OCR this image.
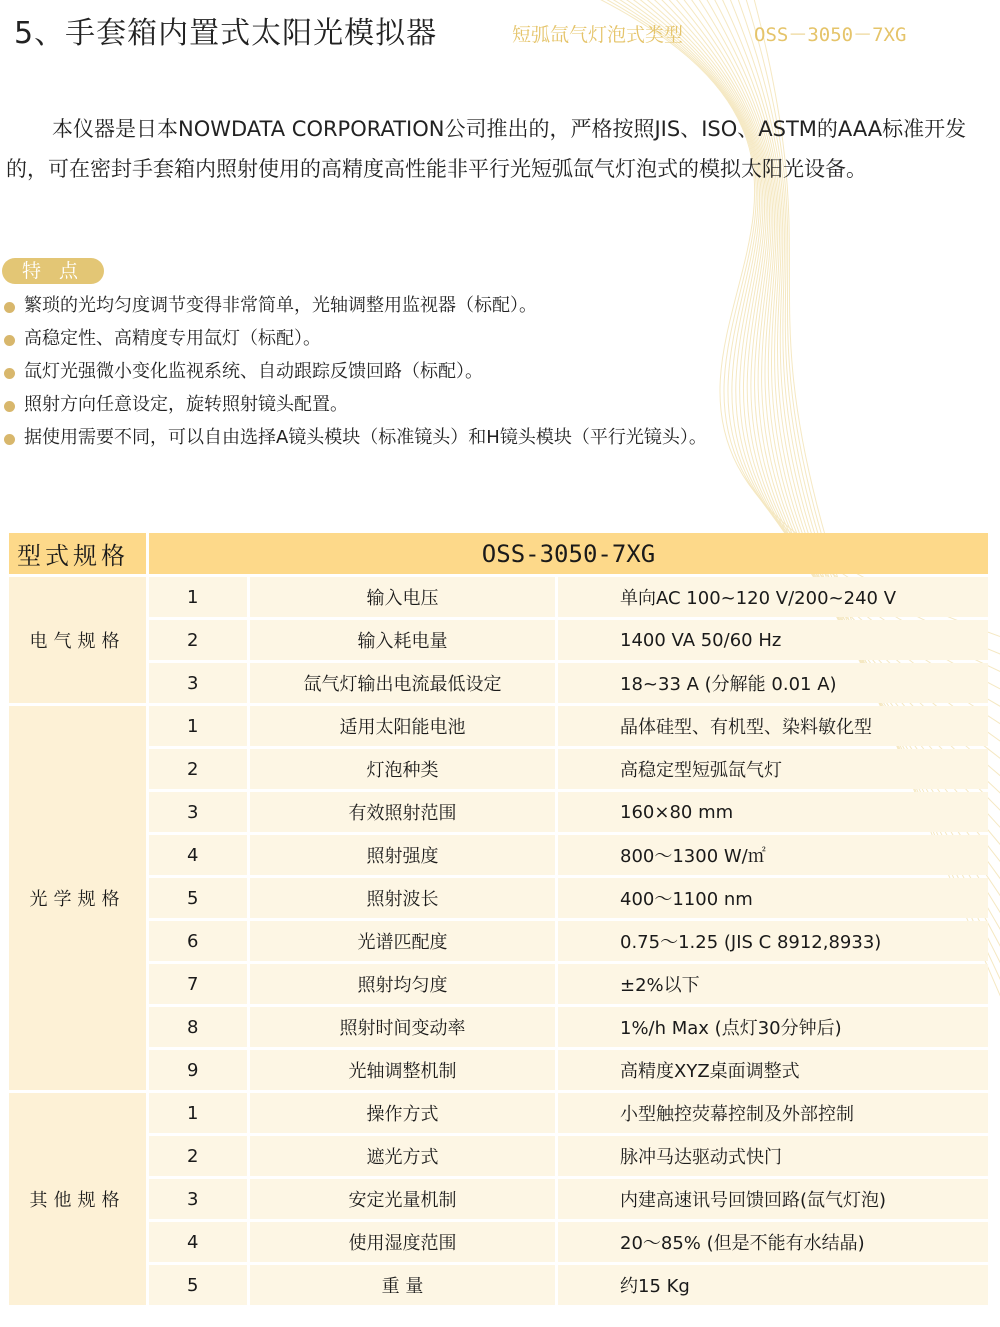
5、手套箱内置式太阳光模拟器	短弧氙气灯泡式类型	OSS－3050－7XG

本仪器是日本NOWDATA CORPORATION公司推出的，严格按照JIS、ISO、ASTM的AAA标准开发的，可在密封手套箱内照射使用的高精度高性能非平行光短弧氙气灯泡式的模拟太阳光设备。

特 点
繁琐的光均匀度调节变得非常简单，光轴调整用监视器（标配）。
高稳定性、高精度专用氙灯（标配）。
氙灯光强微小变化监视系统、自动跟踪反馈回路（标配）。
照射方向任意设定，旋转照射镜头配置。
据使用需要不同，可以自由选择A镜头模块（标准镜头）和H镜头模块（平行光镜头）。
型式规格	OSS-3050-7XG		
电气规格	1	输入电压	单向AC 100~120 V/200~240 V
	2	输入耗电量	1400 VA 50/60 Hz
	3	氙气灯输出电流最低设定	18~33 A (分解能 0.01 A)
光学规格	1	适用太阳能电池	晶体硅型、有机型、染料敏化型
	2	灯泡种类	高稳定型短弧氙气灯
	3	有效照射范围	160×80 mm
	4	照射强度	800～1300 W/㎡
	5	照射波长	400～1100 nm
	6	光谱匹配度	0.75～1.25 (JIS C 8912,8933)
	7	照射均匀度	±2%以下
	8	照射时间变动率	1%/h Max (点灯30分钟后)
	9	光轴调整机制	高精度XYZ桌面调整式
其他规格	1	操作方式	小型触控荧幕控制及外部控制
	2	遮光方式	脉冲马达驱动式快门
	3	安定光量机制	内建高速讯号回馈回路(氙气灯泡)
	4	使用湿度范围	20～85% (但是不能有水结晶)
	5	重 量	约15 Kg
